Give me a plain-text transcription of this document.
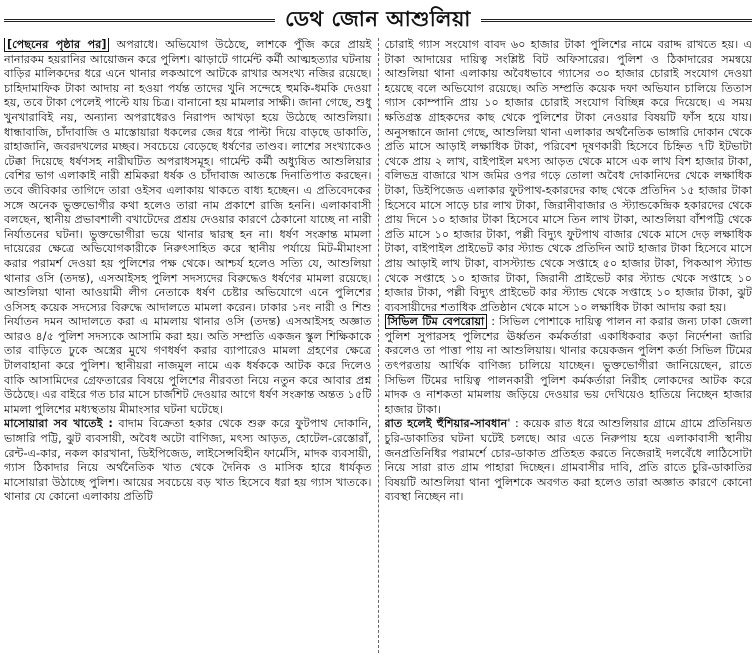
ডেথ জোন আশুলিয়া

[পেছনের পৃষ্ঠার পর] অপরাধে। অভিযোগ উঠেছে, লাশকে পুঁজি করে প্রায়ই নানারকম হয়রানির আয়োজন করে পুলিশ। ঝাড়াটে গার্মেন্ট কর্মী আত্মহত্যার ঘটনায় বাড়ির মালিকদের ধরে এনে থানার লকআপে আটকে রাখার অসংখ্য নজির রয়েছে। চাহিদামাফিক টাকা আদায় না হওয়া পর্যন্ত তাদের খুনি সন্দেহে হুমকি-ধমকি দেওয়া হয়, তবে টাকা পেলেই পাল্টে যায় চিত্র। বানানো হয় মামলার সাক্ষী। জানা গেছে, শুধু খুনখারাবিই নয়, অন্যান্য অপরাধেরও নিরাপদ আখড়া হয়ে উঠেছে আশুলিয়া। ধান্ধাবাজি, চাঁদাবাজি ও মাস্তোয়ারা ধকলের জের ধরে পাল্টা দিয়ে বাড়ছে ডাকাতি, রাহাজানি, জবরদখলের মচ্ছব। সবচেয়ে বেড়েছে ধর্ষণের তাণ্ডব। লাশের সংখ্যাকেও টেক্কা দিয়েছে ধর্ষণসহ নারীঘটিত অপরাধসমূহ। গার্মেন্ট কর্মী অধ্যুষিত আশুলিয়ার বেশির ভাগ এলাকাই নারী শ্রমিকরা ধর্ষক ও চাঁদাবাজ আতঙ্কে দিনাতিপাত করছেন। তবে জীবিকার তাগিদে তারা ওইসব এলাকায় থাকতে বাধ্য হচ্ছেন। এ প্রতিবেদকের সঙ্গে অনেক ভুক্তভোগীর কথা হলেও তারা নাম প্রকাশে রাজি হননি। এলাকাবাসী বলছেন, স্থানীয় প্রভাবশালী বখাটেদের প্রশ্রয় দেওয়ার কারণে ঠেকানো যাচ্ছে না নারী নির্যাতনের ঘটনা। ভুক্তভোগীরা ভয়ে থানার দ্বারস্থ হন না। ধর্ষণ সংক্রান্ত মামলা দায়েরের ক্ষেত্রে অভিযোগকারীকে নিরুৎসাহিত করে স্থানীয় পর্যায়ে মিট-মীমাংসা করার পরামর্শ দেওয়া হয় পুলিশের পক্ষ থেকে। আশ্চর্য হলেও সত্যি যে, আশুলিয়া থানার ওসি (তদন্ত), এসআইসহ পুলিশ সদস্যদের বিরুদ্ধেও ধর্ষণের মামলা রয়েছে। আশুলিয়া থানা আওয়ামী লীগ নেতাকে ধর্ষণ চেষ্টার অভিযোগে এনে পুলিশের ওসিসহ কয়েক সদস্যের বিরুদ্ধে আদালতে মামলা করেন। ঢাকার ১নং নারী ও শিশু নির্যাতন দমন আদালতে করা এ মামলায় থানার ওসি (তদন্ত) এসআইসহ অজ্ঞাত আরও ৪/৫ পুলিশ সদস্যকে আসামি করা হয়। অতি সম্প্রতি একজন স্কুল শিক্ষিকাকে তার বাড়িতে ঢুকে অস্ত্রের মুখে গণধর্ষণ করার ব্যাপারেও মামলা গ্রহণের ক্ষেত্রে টালবাহানা করে পুলিশ। স্থানীয়রা নাজমুল নামে এক ধর্ষককে আটক করে দিলেও বাকি আসামিদের গ্রেফতারের বিষয়ে পুলিশের নীরবতা নিয়ে নতুন করে আবার প্রশ্ন উঠেছে। এর বাইরে গত চার মাসে চার্জশিট দেওয়ার আগে ধর্ষণ সংক্রান্ত অন্তত ১৫টি মামলা পুলিশের মধ্যস্থতায় মীমাংসার ঘটনা ঘটেছে।

মাসোয়ারা সব খাতেই : বাদাম বিক্রেতা হকার থেকে শুরু করে ফুটপাথ দোকানি, ভাঙ্গারি পট্টি, ঝুট ব্যবসায়ী, অবৈধ অটো বাণিজ্য, মৎস্য আড়ত, হোটেল-রেস্তোরাঁ, রেন্ট-এ-কার, নকল কারখানা, ডিইপিজেড, লাইসেন্সবিহীন ফার্মেসি, মাদক ব্যবসায়ী, গ্যাস ঠিকাদার নিয়ে অর্থনৈতিক খাত থেকে দৈনিক ও মাসিক হারে ধার্যকৃত মাসোয়ারা উঠাচ্ছে পুলিশ। আয়ের সবচেয়ে বড় খাত হিসেবে ধরা হয় গ্যাস খাতকে। থানার যে কোনো এলাকায় প্রতিটি

চোরাই গ্যাস সংযোগ বাবদ ৬০ হাজার টাকা পুলিশের নামে বরাদ্দ রাখতে হয়। এ টাকা আদায়ের দায়িত্ব সংশ্লিষ্ট বিট অফিসারের। পুলিশ ও ঠিকাদারের সমন্বয়ে আশুলিয়া থানা এলাকায় অবৈধভাবে গ্যাসের ৩০ হাজার চোরাই সংযোগ দেওয়া হয়েছে বলে অভিযোগ রয়েছে। অতি সম্প্রতি কয়েক দফা অভিযান চালিয়ে তিতাস গ্যাস কোম্পানি প্রায় ১০ হাজার চোরাই সংযোগ বিচ্ছিন্ন করে দিয়েছে। এ সময় ক্ষতিগ্রস্ত গ্রাহকদের কাছ থেকে পুলিশের টাকা নেওয়ার বিষয়টি ফাঁস হয়ে যায়। অনুসন্ধানে জানা গেছে, আশুলিয়া থানা এলাকার অর্থনৈতিক ভাঙ্গারি দোকান থেকে প্রতি মাসে আড়াই লক্ষাধিক টাকা, পরিবেশ দূষণকারী হিসেবে চিহ্নিত ৭টি ইটভাটা থেকে প্রায় ২ লাখ, বাইপাইল মৎস্য আড়ত থেকে মাসে এক লাখ বিশ হাজার টাকা, বলিভদ্র বাজারে খাস জমির ওপর গড়ে তোলা অবৈধ দোকানিদের থেকে লক্ষাধিক টাকা, ডিইপিজেড এলাকার ফুটপাথ-হকারদের কাছ থেকে প্রতিদিন ১৫ হাজার টাকা হিসেবে মাসে সাড়ে চার লাখ টাকা, জিরানীবাজার ও স্ট্যান্ডকেন্দ্রিক হকারদের থেকে প্রায় দিনে ১০ হাজার টাকা হিসেবে মাসে তিন লাখ টাকা, আশুলিয়া বাঁশপট্টি থেকে প্রতি মাসে ১০ হাজার টাকা, পল্লী বিদ্যুৎ ফুটপাথ বাজার থেকে মাসে দেড় লক্ষাধিক টাকা, বাইপাইল প্রাইভেট কার স্ট্যান্ড থেকে প্রতিদিন আট হাজার টাকা হিসেবে মাসে প্রায় আড়াই লাখ টাকা, বাসস্ট্যান্ড থেকে সপ্তাহে ৫০ হাজার টাকা, পিকআপ স্ট্যান্ড থেকে সপ্তাহে ১০ হাজার টাকা, জিরানী প্রাইভেট কার স্ট্যান্ড থেকে সপ্তাহে ১০ হাজার টাকা, পল্লী বিদ্যুৎ প্রাইভেট কার স্ট্যান্ড থেকে সপ্তাহে ১০ হাজার টাকা, ঝুট ব্যবসায়ীদের শতাধিক প্রতিষ্ঠান থেকে মাসে ১০ লক্ষাধিক টাকা আদায় করা হয়।

সিভিল টিম বেপরোয়া : সিভিল পোশাকে দায়িত্ব পালন না করার জন্য ঢাকা জেলা পুলিশ সুপারসহ পুলিশের ঊর্ধ্বতন কর্মকর্তারা একাধিকবার কড়া নির্দেশনা জারি করলেও তা পাত্তা পায় না আশুলিয়ায়। থানার কয়েকজন পুলিশ কর্তা সিভিল টিমের তৎপরতায় আর্থিক বাণিজ্য চালিয়ে যাচ্ছেন। ভুক্তভোগীরা জানিয়েছেন, রাতে সিভিল টিমের দায়িত্ব পালনকারী পুলিশ কর্মকর্তারা নিরীহ লোকদের আটক করে মাদক ও নাশকতা মামলায় জড়িয়ে দেওয়ার ভয় দেখিয়েও হাতিয়ে নিচ্ছেন হাজার হাজার টাকা।

রাত হলেই হুঁশিয়ার-সাবধান' : কয়েক রাত ধরে আশুলিয়ার গ্রামে গ্রামে প্রতিনিয়ত চুরি-ডাকাতির ঘটনা ঘটেই চলছে। আর এতে নিরুপায় হয়ে এলাকাবাসী স্থানীয় জনপ্রতিনিধির পরামর্শে চোর-ডাকাত প্রতিহত করতে নিজেরাই দলবেঁধে লাঠিসোটা নিয়ে সারা রাত গ্রাম পাহারা দিচ্ছেন। গ্রামবাসীর দাবি, প্রতি রাতে চুরি-ডাকাতির বিষয়টি আশুলিয়া থানা পুলিশকে অবগত করা হলেও তারা অজ্ঞাত কারণে কোনো ব্যবস্থা নিচ্ছেন না।
